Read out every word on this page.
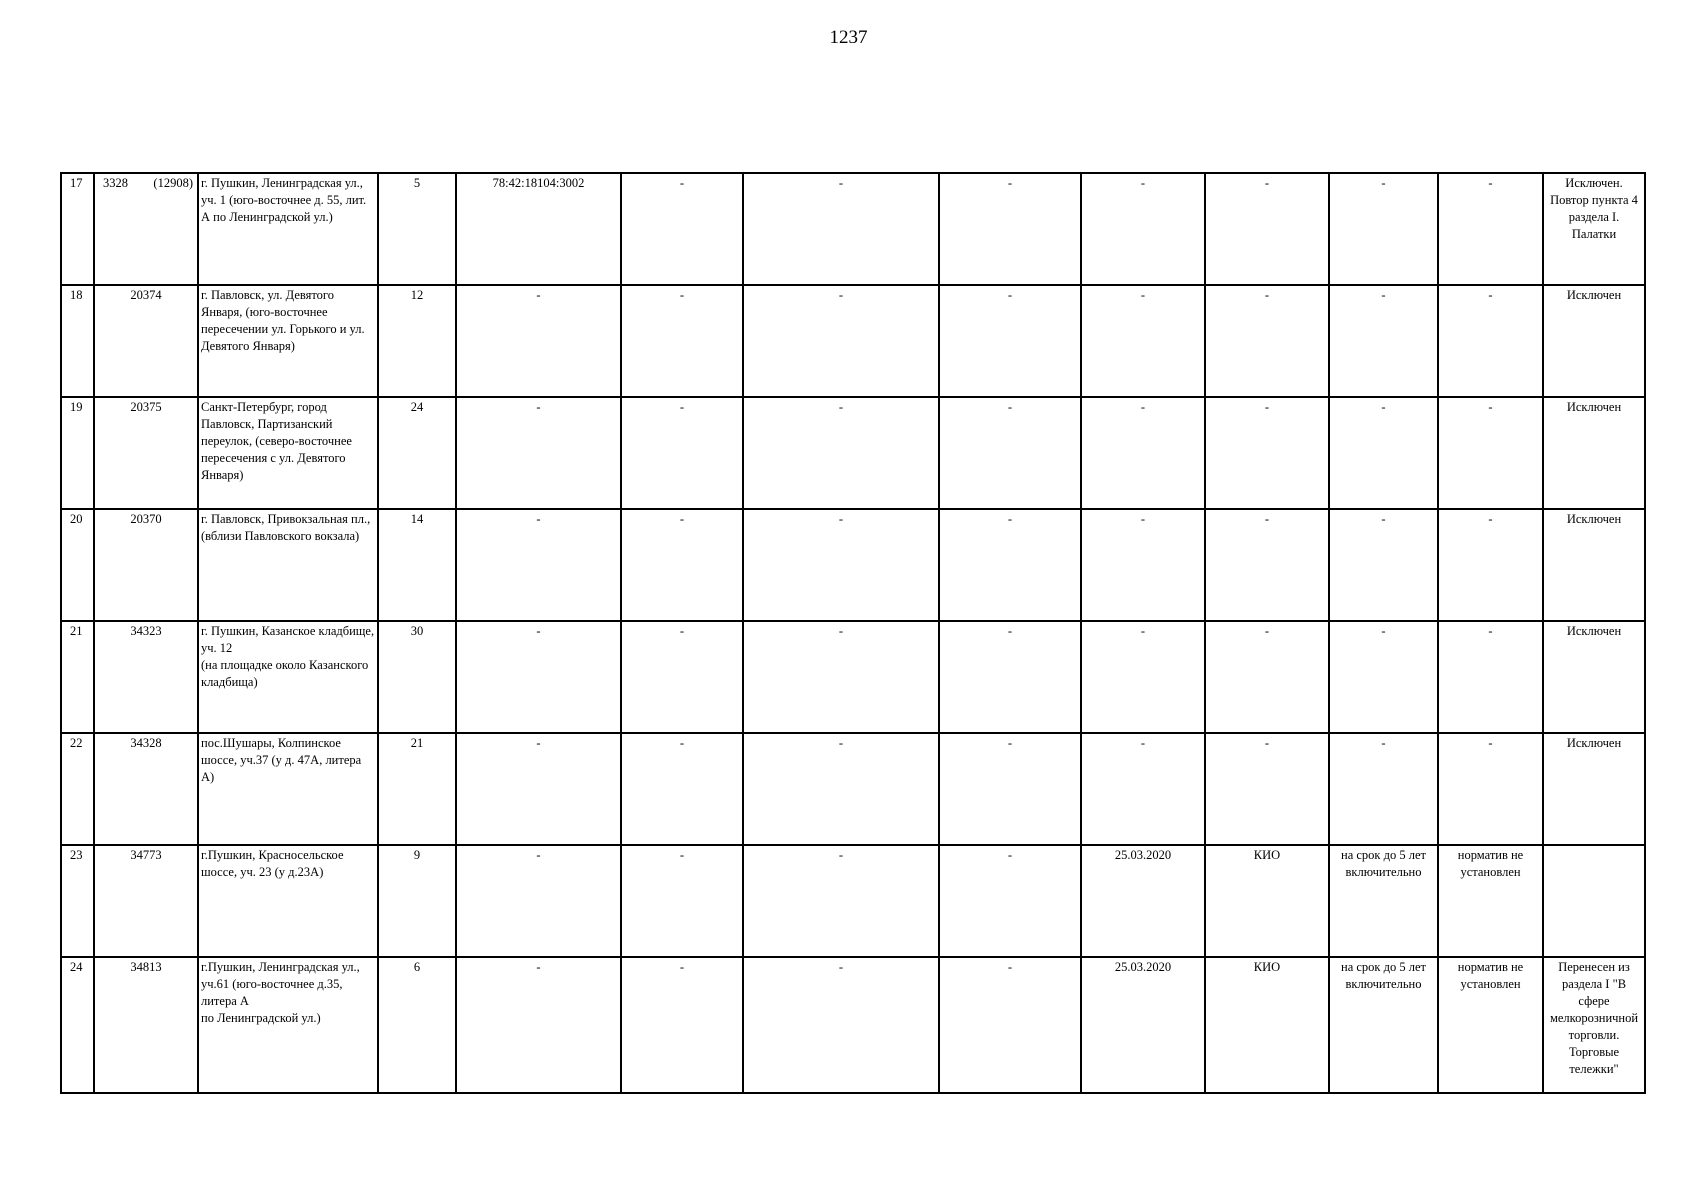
1237
17	3328 (12908)	г. Пушкин, Ленинградская ул., уч. 1 (юго-восточнее д. 55, лит. А по Ленинградской ул.)	5	78:42:18104:3002	-	-	-	-	-	-	-	Исключен.
Повтор пункта 4 раздела I. Палатки
18	20374	г. Павловск, ул. Девятого Января, (юго-восточнее пересечении ул. Горького и ул. Девятого Января)	12	-	-	-	-	-	-	-	-	Исключен
19	20375	Санкт-Петербург, город Павловск, Партизанский переулок, (северо-восточнее пересечения с ул. Девятого Января)	24	-	-	-	-	-	-	-	-	Исключен
20	20370	г. Павловск, Привокзальная пл., (вблизи Павловского вокзала)	14	-	-	-	-	-	-	-	-	Исключен
21	34323	г. Пушкин, Казанское кладбище, уч. 12
(на площадке около Казанского кладбища)	30	-	-	-	-	-	-	-	-	Исключен
22	34328	пос.Шушары, Колпинское шоссе, уч.37 (у д. 47А, литера А)	21	-	-	-	-	-	-	-	-	Исключен
23	34773	г.Пушкин, Красносельское шоссе, уч. 23 (у д.23А)	9	-	-	-	-	25.03.2020	КИО	на срок до 5 лет включительно	норматив не установлен	
24	34813	г.Пушкин, Ленинградская ул., уч.61 (юго-восточнее д.35, литера А
по Ленинградской ул.)	6	-	-	-	-	25.03.2020	КИО	на срок до 5 лет включительно	норматив не установлен	Перенесен из раздела I "В сфере мелкорозничной торговли. Торговые тележки"
